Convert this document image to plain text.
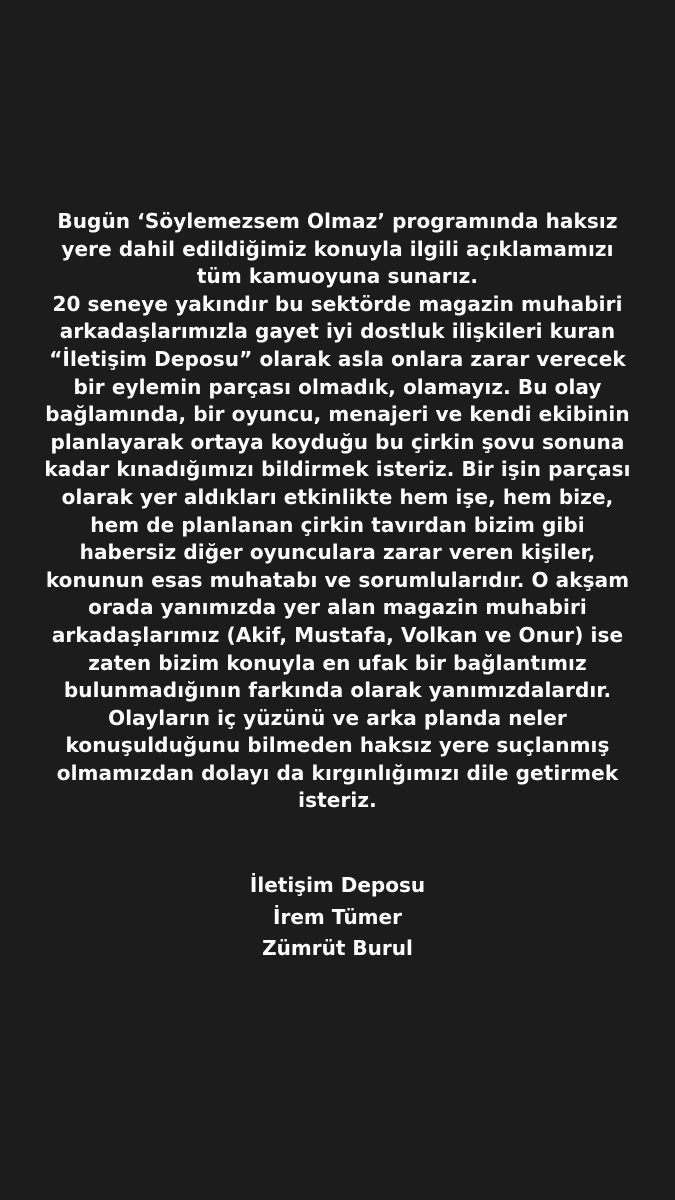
Bugün ‘Söylemezsem Olmaz’ programında haksız
yere dahil edildiğimiz konuyla ilgili açıklamamızı
tüm kamuoyuna sunarız.
20 seneye yakındır bu sektörde magazin muhabiri
arkadaşlarımızla gayet iyi dostluk ilişkileri kuran
“İletişim Deposu” olarak asla onlara zarar verecek
bir eylemin parçası olmadık, olamayız. Bu olay
bağlamında, bir oyuncu, menajeri ve kendi ekibinin
planlayarak ortaya koyduğu bu çirkin şovu sonuna
kadar kınadığımızı bildirmek isteriz. Bir işin parçası
olarak yer aldıkları etkinlikte hem işe, hem bize,
hem de planlanan çirkin tavırdan bizim gibi
habersiz diğer oyunculara zarar veren kişiler,
konunun esas muhatabı ve sorumlularıdır. O akşam
orada yanımızda yer alan magazin muhabiri
arkadaşlarımız (Akif, Mustafa, Volkan ve Onur) ise
zaten bizim konuyla en ufak bir bağlantımız
bulunmadığının farkında olarak yanımızdalardır.
Olayların iç yüzünü ve arka planda neler
konuşulduğunu bilmeden haksız yere suçlanmış
olmamızdan dolayı da kırgınlığımızı dile getirmek
isteriz.
İletişim Deposu
İrem Tümer
Zümrüt Burul
